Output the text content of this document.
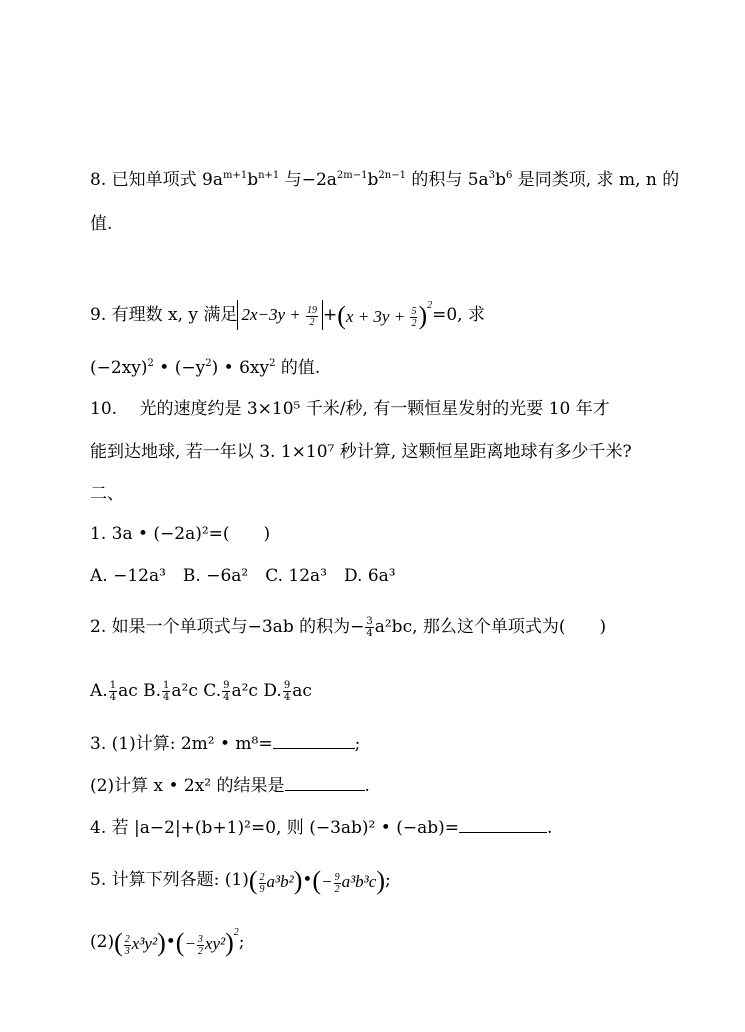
8. 已知单项式 $9a^{m+1}b^{n+1}$ 与$-2a^{2m-1}b^{2n-1}$ 的积与 $5a^3b^6$ 是同类项, 求 m, n 的
值.
9. 有理数 x, y 满足 $2x-3y + \frac{19}{2} + (x + 3y + \frac{5}{2} )^2 =0$, 求
$(-2xy)^2$ • $(-y^2)$ • $6xy^2$ 的值.
10.　 光的速度约是 3×10⁵ 千米/秒, 有一颗恒星发射的光要 10 年才
能到达地球, 若一年以 3. 1×10⁷ 秒计算, 这颗恒星距离地球有多少千米?
二、
1. 3a • (−2a)²=(　　)
A. −12a³　B. −6a²　C. 12a³　D. 6a³
2. 如果一个单项式与−3ab 的积为− $\frac{3}{4} a^2bc$, 那么这个单项式为(　　)
A. $\frac{1}{4}$ ac
B. $\frac{1}{4} a^2c$
C. $\frac{9}{4} a^2c$
D. $\frac{9}{4}$ ac
3. (1)计算: 2m² • m⁸=	;
(2)计算 x • 2x² 的结果是	.
4. 若 |a−2|+(b+1)²=0, 则 (−3ab)² • (−ab)=	.
5. 计算下列各题: (1) ( $\frac{2}{9} a^3b^2$) • (− $\frac{9}{2} a^3b^3c$) ;
(2) ( $\frac{2}{3} x^3y^2$) • (− $\frac{3}{2} xy^2)^2$ ;
